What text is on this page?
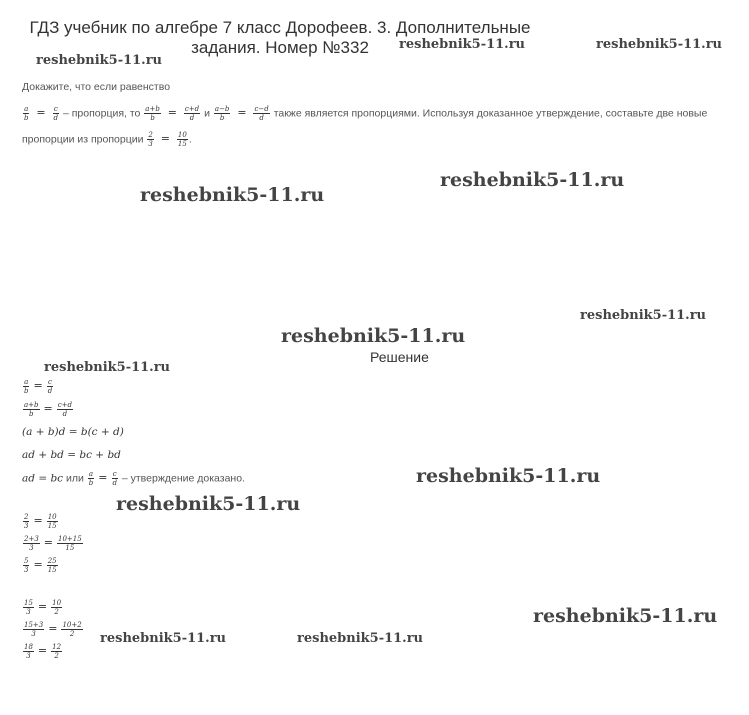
ГДЗ учебник по алгебре 7 класс Дорофеев. 3. Дополнительные
задания. Номер №332
Докажите, что если равенство
$\frac{a}{b} = \frac{c}{d}$ – пропорция, то $\frac{a+b}{b} = \frac{c+d}{d}$ и $\frac{a-b}{b} = \frac{c-d}{d}$ также является пропорциями. Используя доказанное утверждение, составьте две новые
пропорции из пропорции $\frac{2}{3} = \frac{10}{15}$ .
Решение
$\frac{a}{b} = \frac{c}{d}$
$\frac{a+b}{b} = \frac{c+d}{d}$
(a + b)d = b(c + d)
ad + bd = bc + bd
ad = bc или $\frac{a}{b} = \frac{c}{d}$ – утверждение доказано.
$\frac{2}{3} = \frac{10}{15}$
$\frac{2+3}{3} = \frac{10+15}{15}$
$\frac{5}{3} = \frac{25}{15}$
$\frac{15}{3} = \frac{10}{2}$
$\frac{15+3}{3} = \frac{10+2}{2}$
$\frac{18}{3} = \frac{12}{2}$
reshebnik5-11.ru
reshebnik5-11.ru	reshebnik5-11.ru
reshebnik5-11.ru
reshebnik5-11.ru
reshebnik5-11.ru
reshebnik5-11.ru
reshebnik5-11.ru
reshebnik5-11.ru
reshebnik5-11.ru
reshebnik5-11.ru
reshebnik5-11.ru	reshebnik5-11.ru
